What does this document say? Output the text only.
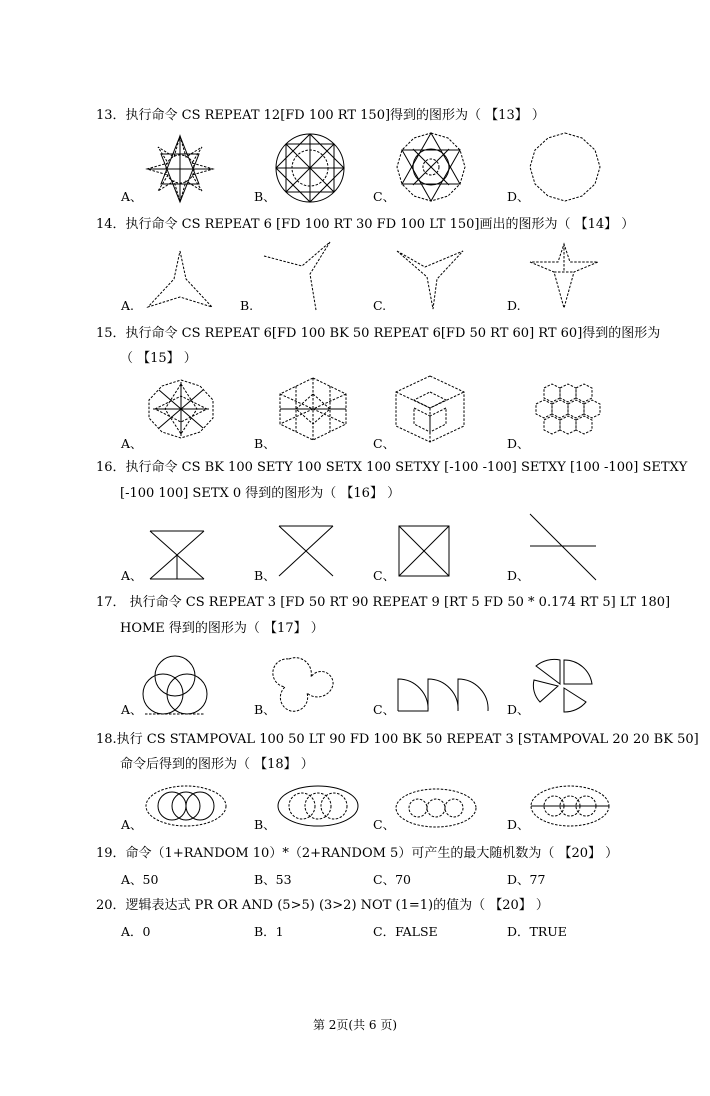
13．执行命令 CS REPEAT 12[FD 100 RT 150]得到的图形为（ 【13】 ）
A、	B、	C、	D、
14．执行命令 CS REPEAT 6 [FD 100 RT 30 FD 100 LT 150]画出的图形为（ 【14】 ）
A.	B.	C.	D.
15．执行命令 CS REPEAT 6[FD 100 BK 50 REPEAT 6[FD 50 RT 60] RT 60]得到的图形为
（ 【15】 ）
A、	B、	C、	D、
16．执行命令 CS BK 100 SETY 100 SETX 100 SETXY [-100 -100] SETXY [100 -100] SETXY
[-100 100] SETX 0 得到的图形为（ 【16】 ）
A、	B、	C、	D、
17． 执行命令 CS REPEAT 3 [FD 50 RT 90 REPEAT 9 [RT 5 FD 50 * 0.174 RT 5] LT 180]
HOME 得到的图形为（ 【17】 ）
A、	B、	C、	D、
18.执行 CS STAMPOVAL 100 50 LT 90 FD 100 BK 50 REPEAT 3 [STAMPOVAL 20 20 BK 50]
命令后得到的图形为（ 【18】 ）
A、	B、	C、	D、
19．命令（1+RANDOM 10）*（2+RANDOM 5）可产生的最大随机数为（ 【20】 ）
A、50	B、53	C、70	D、77
20．逻辑表达式 PR OR AND (5>5) (3>2) NOT (1=1)的值为（ 【20】 ）
A．0	B．1	C．FALSE	D．TRUE
第 2页(共 6 页)
